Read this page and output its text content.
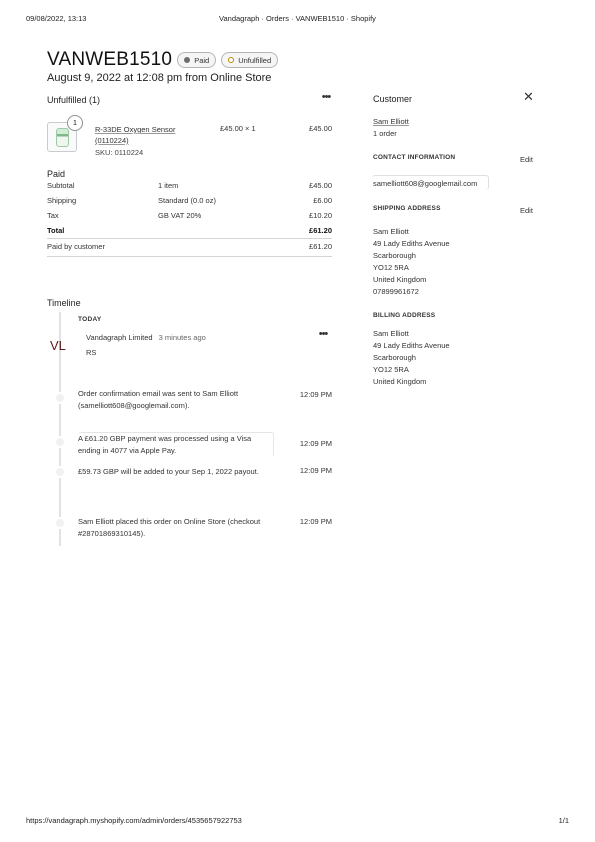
09/08/2022, 13:13	Vandagraph · Orders · VANWEB1510 · Shopify
https://vandagraph.myshopify.com/admin/orders/4535657922753	1/1
VANWEB1510	Paid	Unfulfilled
August 9, 2022 at 12:08 pm from Online Store
Unfulfilled (1)	•••
1
R-33DE Oxygen Sensor
(0110224)
SKU: 0110224
£45.00 × 1	£45.00
Paid
Subtotal	1 item	£45.00
Shipping	Standard (0.0 oz)	£6.00
Tax	GB VAT 20%	£10.20
Total	£61.20
Paid by customer	£61.20
Timeline
TODAY
VL
Vandagraph Limited 3 minutes ago
RS
•••
Order confirmation email was sent to Sam Elliott
(samelliott608@googlemail.com).
12:09 PM
A £61.20 GBP payment was processed using a Visa
ending in 4077 via Apple Pay.
12:09 PM
£59.73 GBP will be added to your Sep 1, 2022 payout.	12:09 PM
Sam Elliott placed this order on Online Store (checkout
#28701869310145).
12:09 PM
Customer	✕
Sam Elliott
1 order
CONTACT INFORMATION	Edit
samelliott608@googlemail.com
SHIPPING ADDRESS	Edit
Sam Elliott
49 Lady Ediths Avenue
Scarborough
YO12 5RA
United Kingdom
07899961672
BILLING ADDRESS
Sam Elliott
49 Lady Ediths Avenue
Scarborough
YO12 5RA
United Kingdom
